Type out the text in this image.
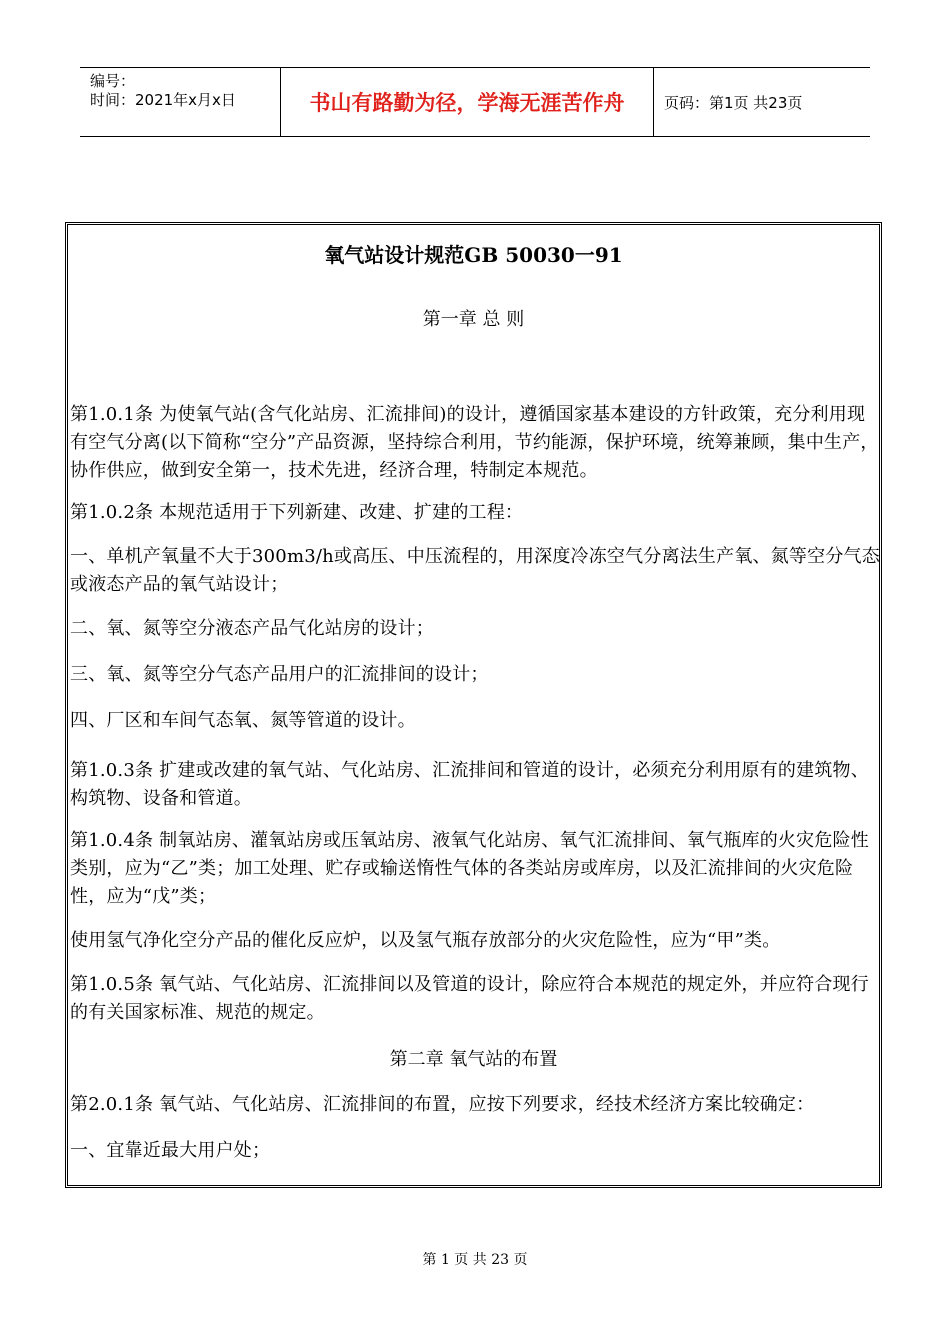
编号：
时间：2021年x月x日	书山有路勤为径，学海无涯苦作舟	页码：第1页 共23页
氧气站设计规范GB 50030一91
第一章 总 则

第1.0.1条 为使氧气站(含气化站房、汇流排间)的设计，遵循国家基本建设的方针政策，充分利用现有空气分离(以下简称“空分”产品资源，坚持综合利用，节约能源，保护环境，统筹兼顾，集中生产，协作供应，做到安全第一，技术先进，经济合理，特制定本规范。

第1.0.2条 本规范适用于下列新建、改建、扩建的工程：

一、单机产氧量不大于300m3/h或高压、中压流程的，用深度冷冻空气分离法生产氧、氮等空分气态或液态产品的氧气站设计；

二、氧、氮等空分液态产品气化站房的设计；

三、氧、氮等空分气态产品用户的汇流排间的设计；

四、厂区和车间气态氧、氮等管道的设计。

第1.0.3条 扩建或改建的氧气站、气化站房、汇流排间和管道的设计，必须充分利用原有的建筑物、构筑物、设备和管道。

第1.0.4条 制氧站房、灌氧站房或压氧站房、液氧气化站房、氧气汇流排间、氧气瓶库的火灾危险性类别，应为“乙”类；加工处理、贮存或输送惰性气体的各类站房或库房，以及汇流排间的火灾危险性，应为“戊”类；

使用氢气净化空分产品的催化反应炉，以及氢气瓶存放部分的火灾危险性，应为“甲”类。

第1.0.5条 氧气站、气化站房、汇流排间以及管道的设计，除应符合本规范的规定外，并应符合现行的有关国家标准、规范的规定。

第二章 氧气站的布置

第2.0.1条 氧气站、气化站房、汇流排间的布置，应按下列要求，经技术经济方案比较确定：

一、宜靠近最大用户处；

第 1 页 共 23 页
